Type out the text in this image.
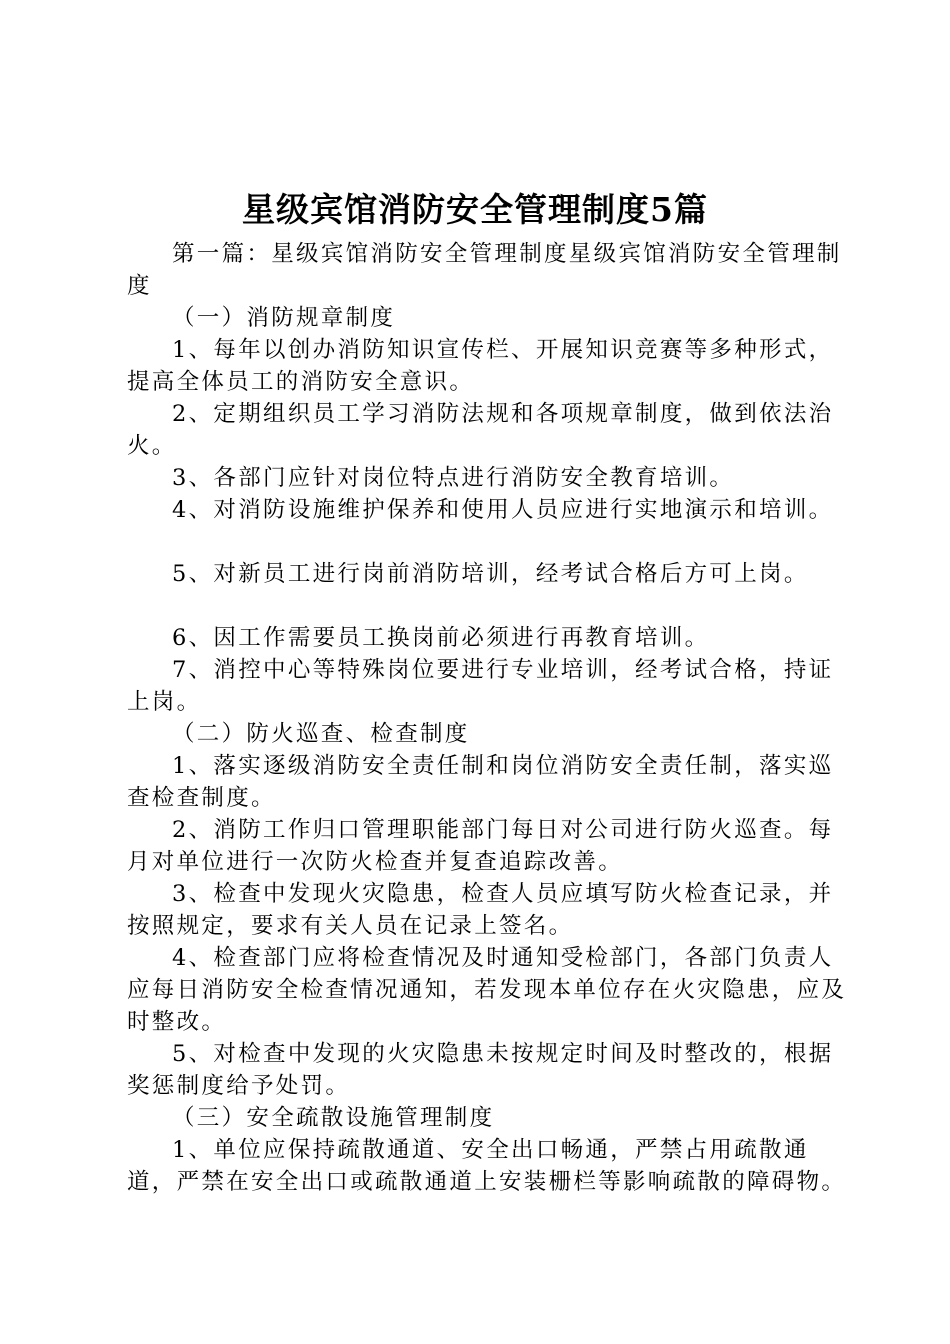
星级宾馆消防安全管理制度5篇

第一篇：星级宾馆消防安全管理制度星级宾馆消防安全管理制度

（一）消防规章制度

1、每年以创办消防知识宣传栏、开展知识竞赛等多种形式，提高全体员工的消防安全意识。

2、定期组织员工学习消防法规和各项规章制度，做到依法治火。

3、各部门应针对岗位特点进行消防安全教育培训。

4、对消防设施维护保养和使用人员应进行实地演示和培训。

5、对新员工进行岗前消防培训，经考试合格后方可上岗。

6、因工作需要员工换岗前必须进行再教育培训。

7、消控中心等特殊岗位要进行专业培训，经考试合格，持证上岗。

（二）防火巡查、检查制度

1、落实逐级消防安全责任制和岗位消防安全责任制，落实巡查检查制度。

2、消防工作归口管理职能部门每日对公司进行防火巡查。每月对单位进行一次防火检查并复查追踪改善。

3、检查中发现火灾隐患，检查人员应填写防火检查记录，并按照规定，要求有关人员在记录上签名。

4、检查部门应将检查情况及时通知受检部门，各部门负责人应每日消防安全检查情况通知，若发现本单位存在火灾隐患，应及时整改。

5、对检查中发现的火灾隐患未按规定时间及时整改的，根据奖惩制度给予处罚。

（三）安全疏散设施管理制度

1、单位应保持疏散通道、安全出口畅通，严禁占用疏散通道，严禁在安全出口或疏散通道上安装栅栏等影响疏散的障碍物。
